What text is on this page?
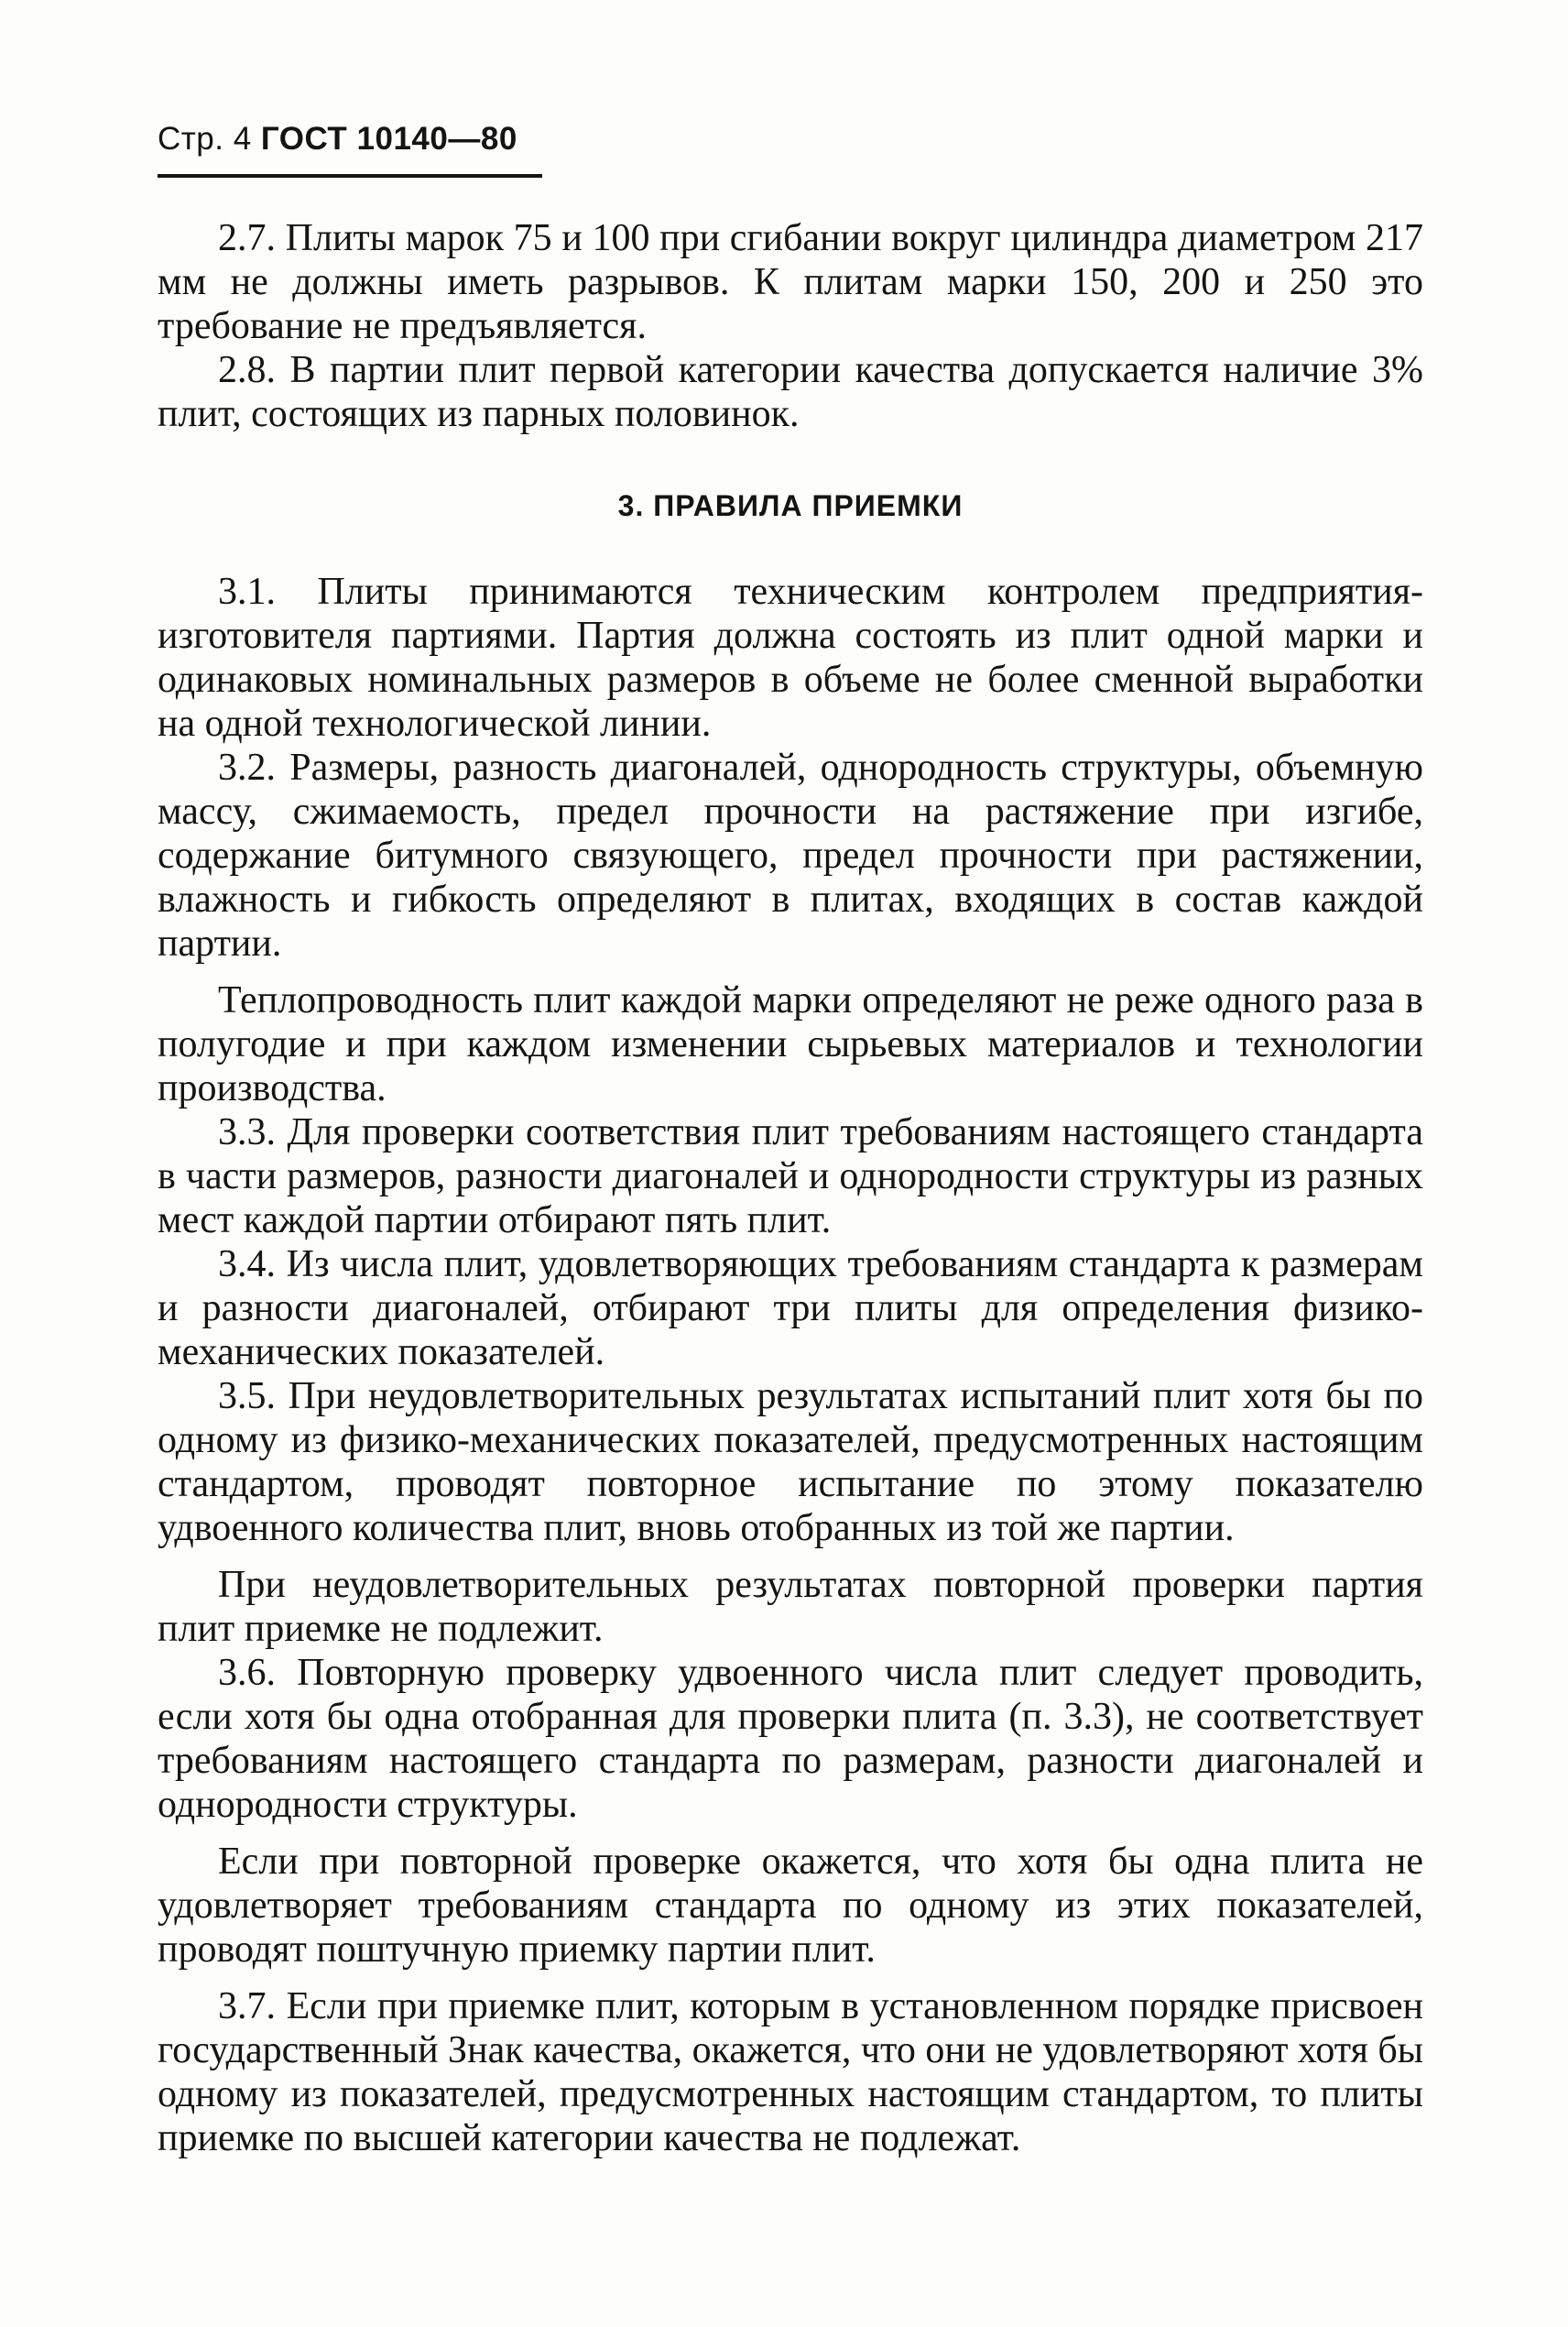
Стр. 4 ГОСТ 10140—80

2.7. Плиты марок 75 и 100 при сгибании вокруг цилиндра диаметром 217 мм не должны иметь разрывов. К плитам марки 150, 200 и 250 это требование не предъявляется.

2.8. В партии плит первой категории качества допускается наличие 3% плит, состоящих из парных половинок.

3. ПРАВИЛА ПРИЕМКИ

3.1. Плиты принимаются техническим контролем предприятия-изготовителя партиями. Партия должна состоять из плит одной марки и одинаковых номинальных размеров в объеме не более сменной выработки на одной технологической линии.

3.2. Размеры, разность диагоналей, однородность структуры, объемную массу, сжимаемость, предел прочности на растяжение при изгибе, содержание битумного связующего, предел прочности при растяжении, влажность и гибкость определяют в плитах, входящих в состав каждой партии.

Теплопроводность плит каждой марки определяют не реже одного раза в полугодие и при каждом изменении сырьевых материалов и технологии производства.

3.3. Для проверки соответствия плит требованиям настоящего стандарта в части размеров, разности диагоналей и однородности структуры из разных мест каждой партии отбирают пять плит.

3.4. Из числа плит, удовлетворяющих требованиям стандарта к размерам и разности диагоналей, отбирают три плиты для определения физико-механических показателей.

3.5. При неудовлетворительных результатах испытаний плит хотя бы по одному из физико-механических показателей, предусмотренных настоящим стандартом, проводят повторное испытание по этому показателю удвоенного количества плит, вновь отобранных из той же партии.

При неудовлетворительных результатах повторной проверки партия плит приемке не подлежит.

3.6. Повторную проверку удвоенного числа плит следует проводить, если хотя бы одна отобранная для проверки плита (п. 3.3), не соответствует требованиям настоящего стандарта по размерам, разности диагоналей и однородности структуры.

Если при повторной проверке окажется, что хотя бы одна плита не удовлетворяет требованиям стандарта по одному из этих показателей, проводят поштучную приемку партии плит.

3.7. Если при приемке плит, которым в установленном порядке присвоен государственный Знак качества, окажется, что они не удовлетворяют хотя бы одному из показателей, предусмотренных настоящим стандартом, то плиты приемке по высшей категории качества не подлежат.
